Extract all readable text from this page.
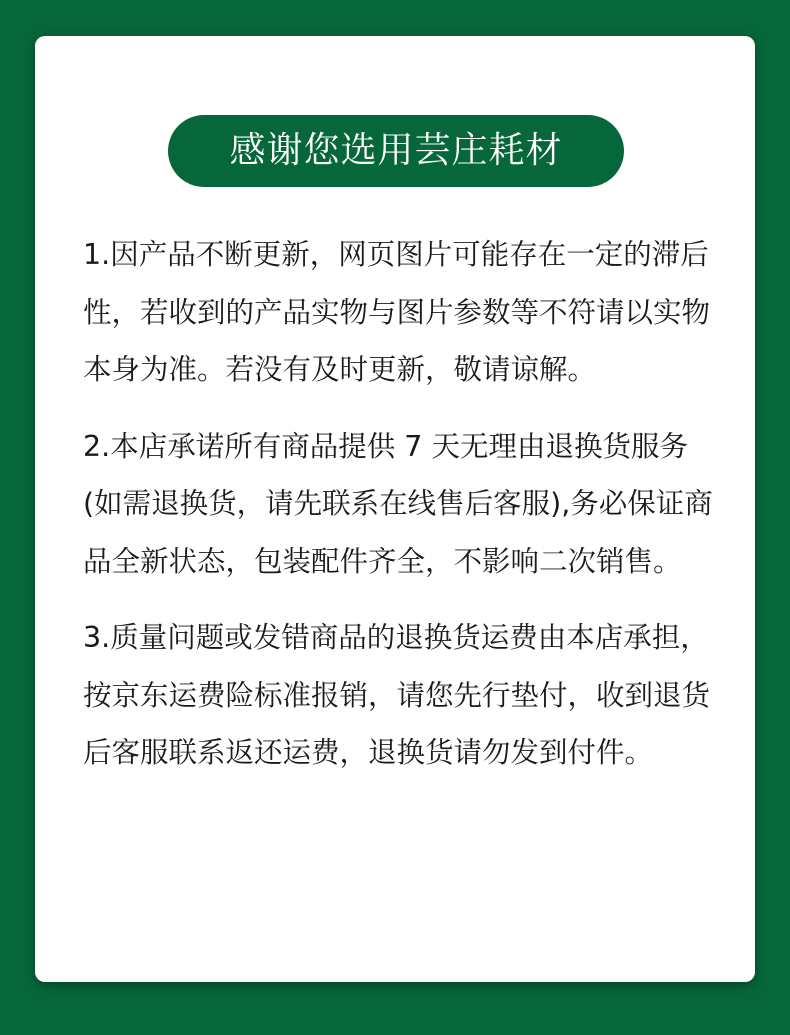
感谢您选用芸庄耗材

1.因产品不断更新，网页图片可能存在一定的滞后性，若收到的产品实物与图片参数等不符请以实物本身为准。若没有及时更新，敬请谅解。

2.本店承诺所有商品提供 7 天无理由退换货服务(如需退换货，请先联系在线售后客服),务必保证商品全新状态，包装配件齐全，不影响二次销售。

3.质量问题或发错商品的退换货运费由本店承担，按京东运费险标准报销，请您先行垫付，收到退货后客服联系返还运费，退换货请勿发到付件。
